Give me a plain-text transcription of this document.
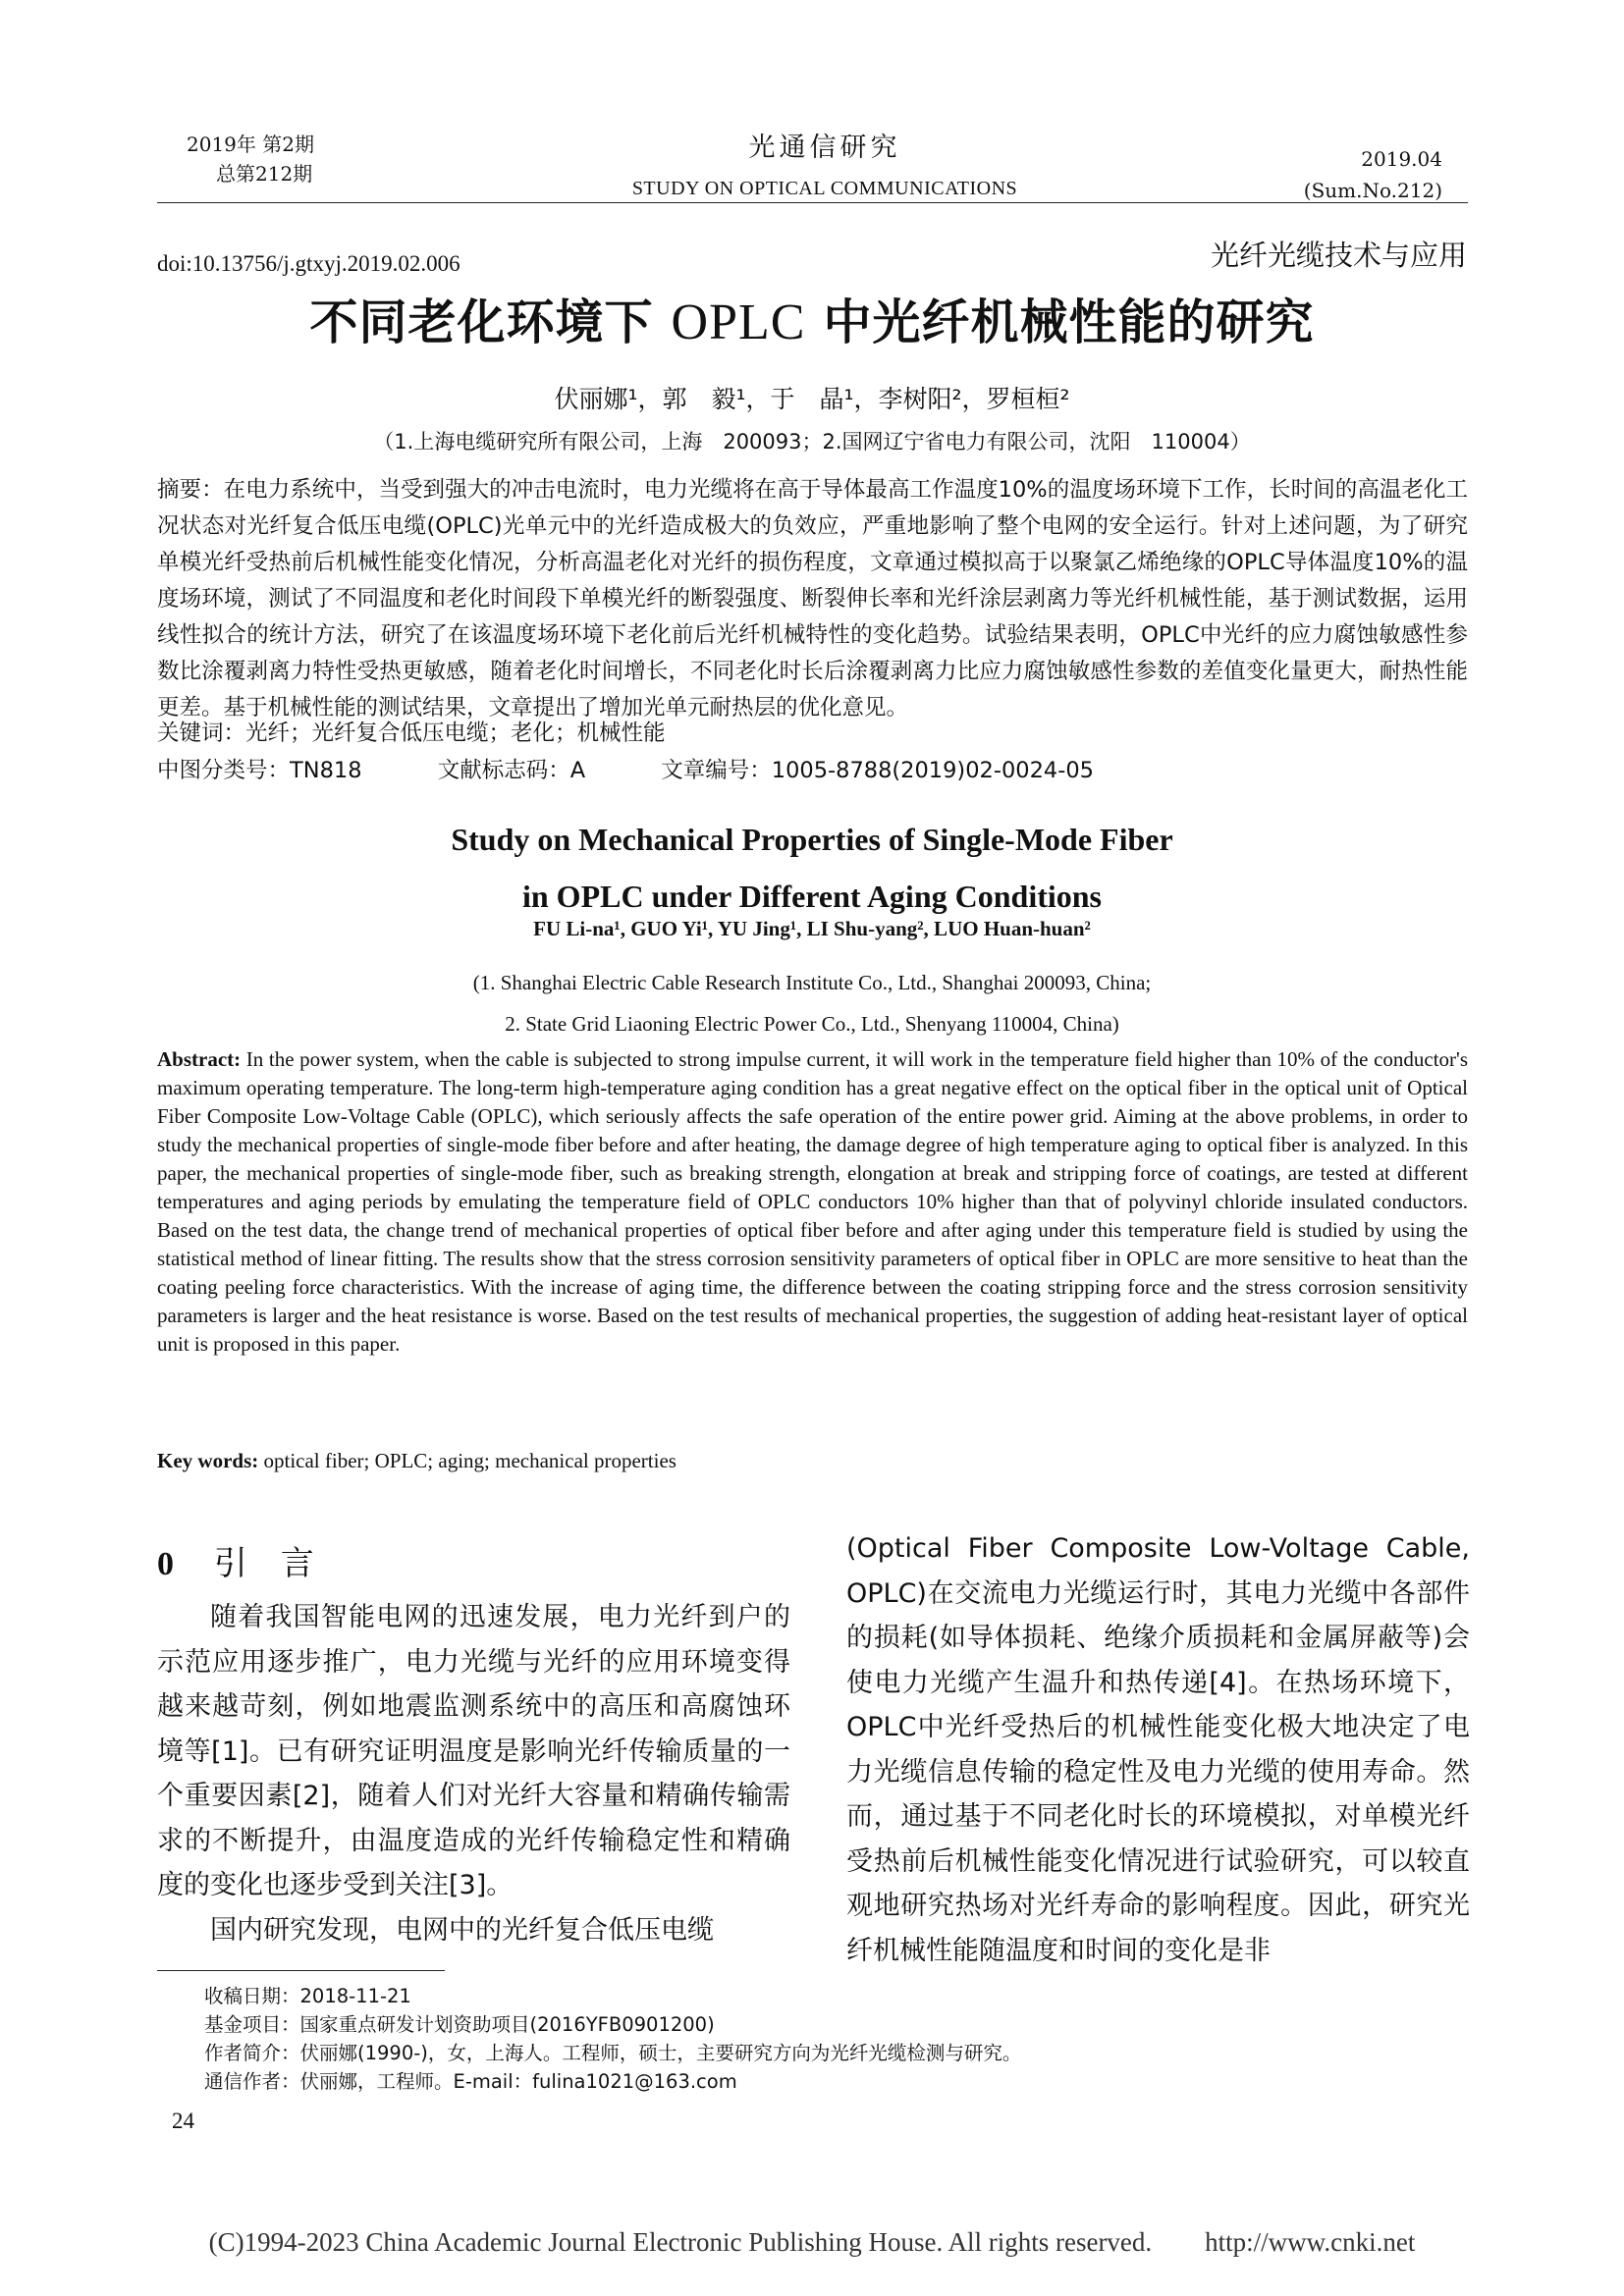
2019年 第2期
总第212期
光通信研究
STUDY ON OPTICAL COMMUNICATIONS
2019.04
(Sum.No.212)
doi:10.13756/j.gtxyj.2019.02.006	光纤光缆技术与应用
不同老化环境下 OPLC 中光纤机械性能的研究
伏丽娜¹，郭　毅¹，于　晶¹，李树阳²，罗桓桓²
（1.上海电缆研究所有限公司，上海　200093；2.国网辽宁省电力有限公司，沈阳　110004）
摘要：在电力系统中，当受到强大的冲击电流时，电力光缆将在高于导体最高工作温度10%的温度场环境下工作，长时间的高温老化工况状态对光纤复合低压电缆(OPLC)光单元中的光纤造成极大的负效应，严重地影响了整个电网的安全运行。针对上述问题，为了研究单模光纤受热前后机械性能变化情况，分析高温老化对光纤的损伤程度，文章通过模拟高于以聚氯乙烯绝缘的OPLC导体温度10%的温度场环境，测试了不同温度和老化时间段下单模光纤的断裂强度、断裂伸长率和光纤涂层剥离力等光纤机械性能，基于测试数据，运用线性拟合的统计方法，研究了在该温度场环境下老化前后光纤机械特性的变化趋势。试验结果表明，OPLC中光纤的应力腐蚀敏感性参数比涂覆剥离力特性受热更敏感，随着老化时间增长，不同老化时长后涂覆剥离力比应力腐蚀敏感性参数的差值变化量更大，耐热性能更差。基于机械性能的测试结果，文章提出了增加光单元耐热层的优化意见。
关键词：光纤；光纤复合低压电缆；老化；机械性能
中图分类号：TN818	文献标志码：A	文章编号：1005-8788(2019)02-0024-05
Study on Mechanical Properties of Single-Mode Fiber
in OPLC under Different Aging Conditions
FU Li-na¹, GUO Yi¹, YU Jing¹, LI Shu-yang², LUO Huan-huan²
(1. Shanghai Electric Cable Research Institute Co., Ltd., Shanghai 200093, China;
2. State Grid Liaoning Electric Power Co., Ltd., Shenyang 110004, China)
Abstract: In the power system, when the cable is subjected to strong impulse current, it will work in the temperature field higher than 10% of the conductor's maximum operating temperature. The long-term high-temperature aging condition has a great negative effect on the optical fiber in the optical unit of Optical Fiber Composite Low-Voltage Cable (OPLC), which seriously affects the safe operation of the entire power grid. Aiming at the above problems, in order to study the mechanical properties of single-mode fiber before and after heating, the damage degree of high temperature aging to optical fiber is analyzed. In this paper, the mechanical properties of single-mode fiber, such as breaking strength, elongation at break and stripping force of coatings, are tested at different temperatures and aging periods by emulating the temperature field of OPLC conductors 10% higher than that of polyvinyl chloride insulated conductors. Based on the test data, the change trend of mechanical properties of optical fiber before and after aging under this temperature field is studied by using the statistical method of linear fitting. The results show that the stress corrosion sensitivity parameters of optical fiber in OPLC are more sensitive to heat than the coating peeling force characteristics. With the increase of aging time, the difference between the coating stripping force and the stress corrosion sensitivity parameters is larger and the heat resistance is worse. Based on the test results of mechanical properties, the suggestion of adding heat-resistant layer of optical unit is proposed in this paper.
Key words: optical fiber; OPLC; aging; mechanical properties
0 引　言

随着我国智能电网的迅速发展，电力光纤到户的示范应用逐步推广，电力光缆与光纤的应用环境变得越来越苛刻，例如地震监测系统中的高压和高腐蚀环境等[1]。已有研究证明温度是影响光纤传输质量的一个重要因素[2]，随着人们对光纤大容量和精确传输需求的不断提升，由温度造成的光纤传输稳定性和精确度的变化也逐步受到关注[3]。

国内研究发现，电网中的光纤复合低压电缆

(Optical Fiber Composite Low-Voltage Cable, OPLC)在交流电力光缆运行时，其电力光缆中各部件的损耗(如导体损耗、绝缘介质损耗和金属屏蔽等)会使电力光缆产生温升和热传递[4]。在热场环境下，OPLC中光纤受热后的机械性能变化极大地决定了电力光缆信息传输的稳定性及电力光缆的使用寿命。然而，通过基于不同老化时长的环境模拟，对单模光纤受热前后机械性能变化情况进行试验研究，可以较直观地研究热场对光纤寿命的影响程度。因此，研究光纤机械性能随温度和时间的变化是非

收稿日期：2018-11-21
基金项目：国家重点研发计划资助项目(2016YFB0901200)
作者简介：伏丽娜(1990-)，女，上海人。工程师，硕士，主要研究方向为光纤光缆检测与研究。
通信作者：伏丽娜，工程师。E-mail：fulina1021@163.com
24
(C)1994-2023 China Academic Journal Electronic Publishing House. All rights reserved.　　http://www.cnki.net
